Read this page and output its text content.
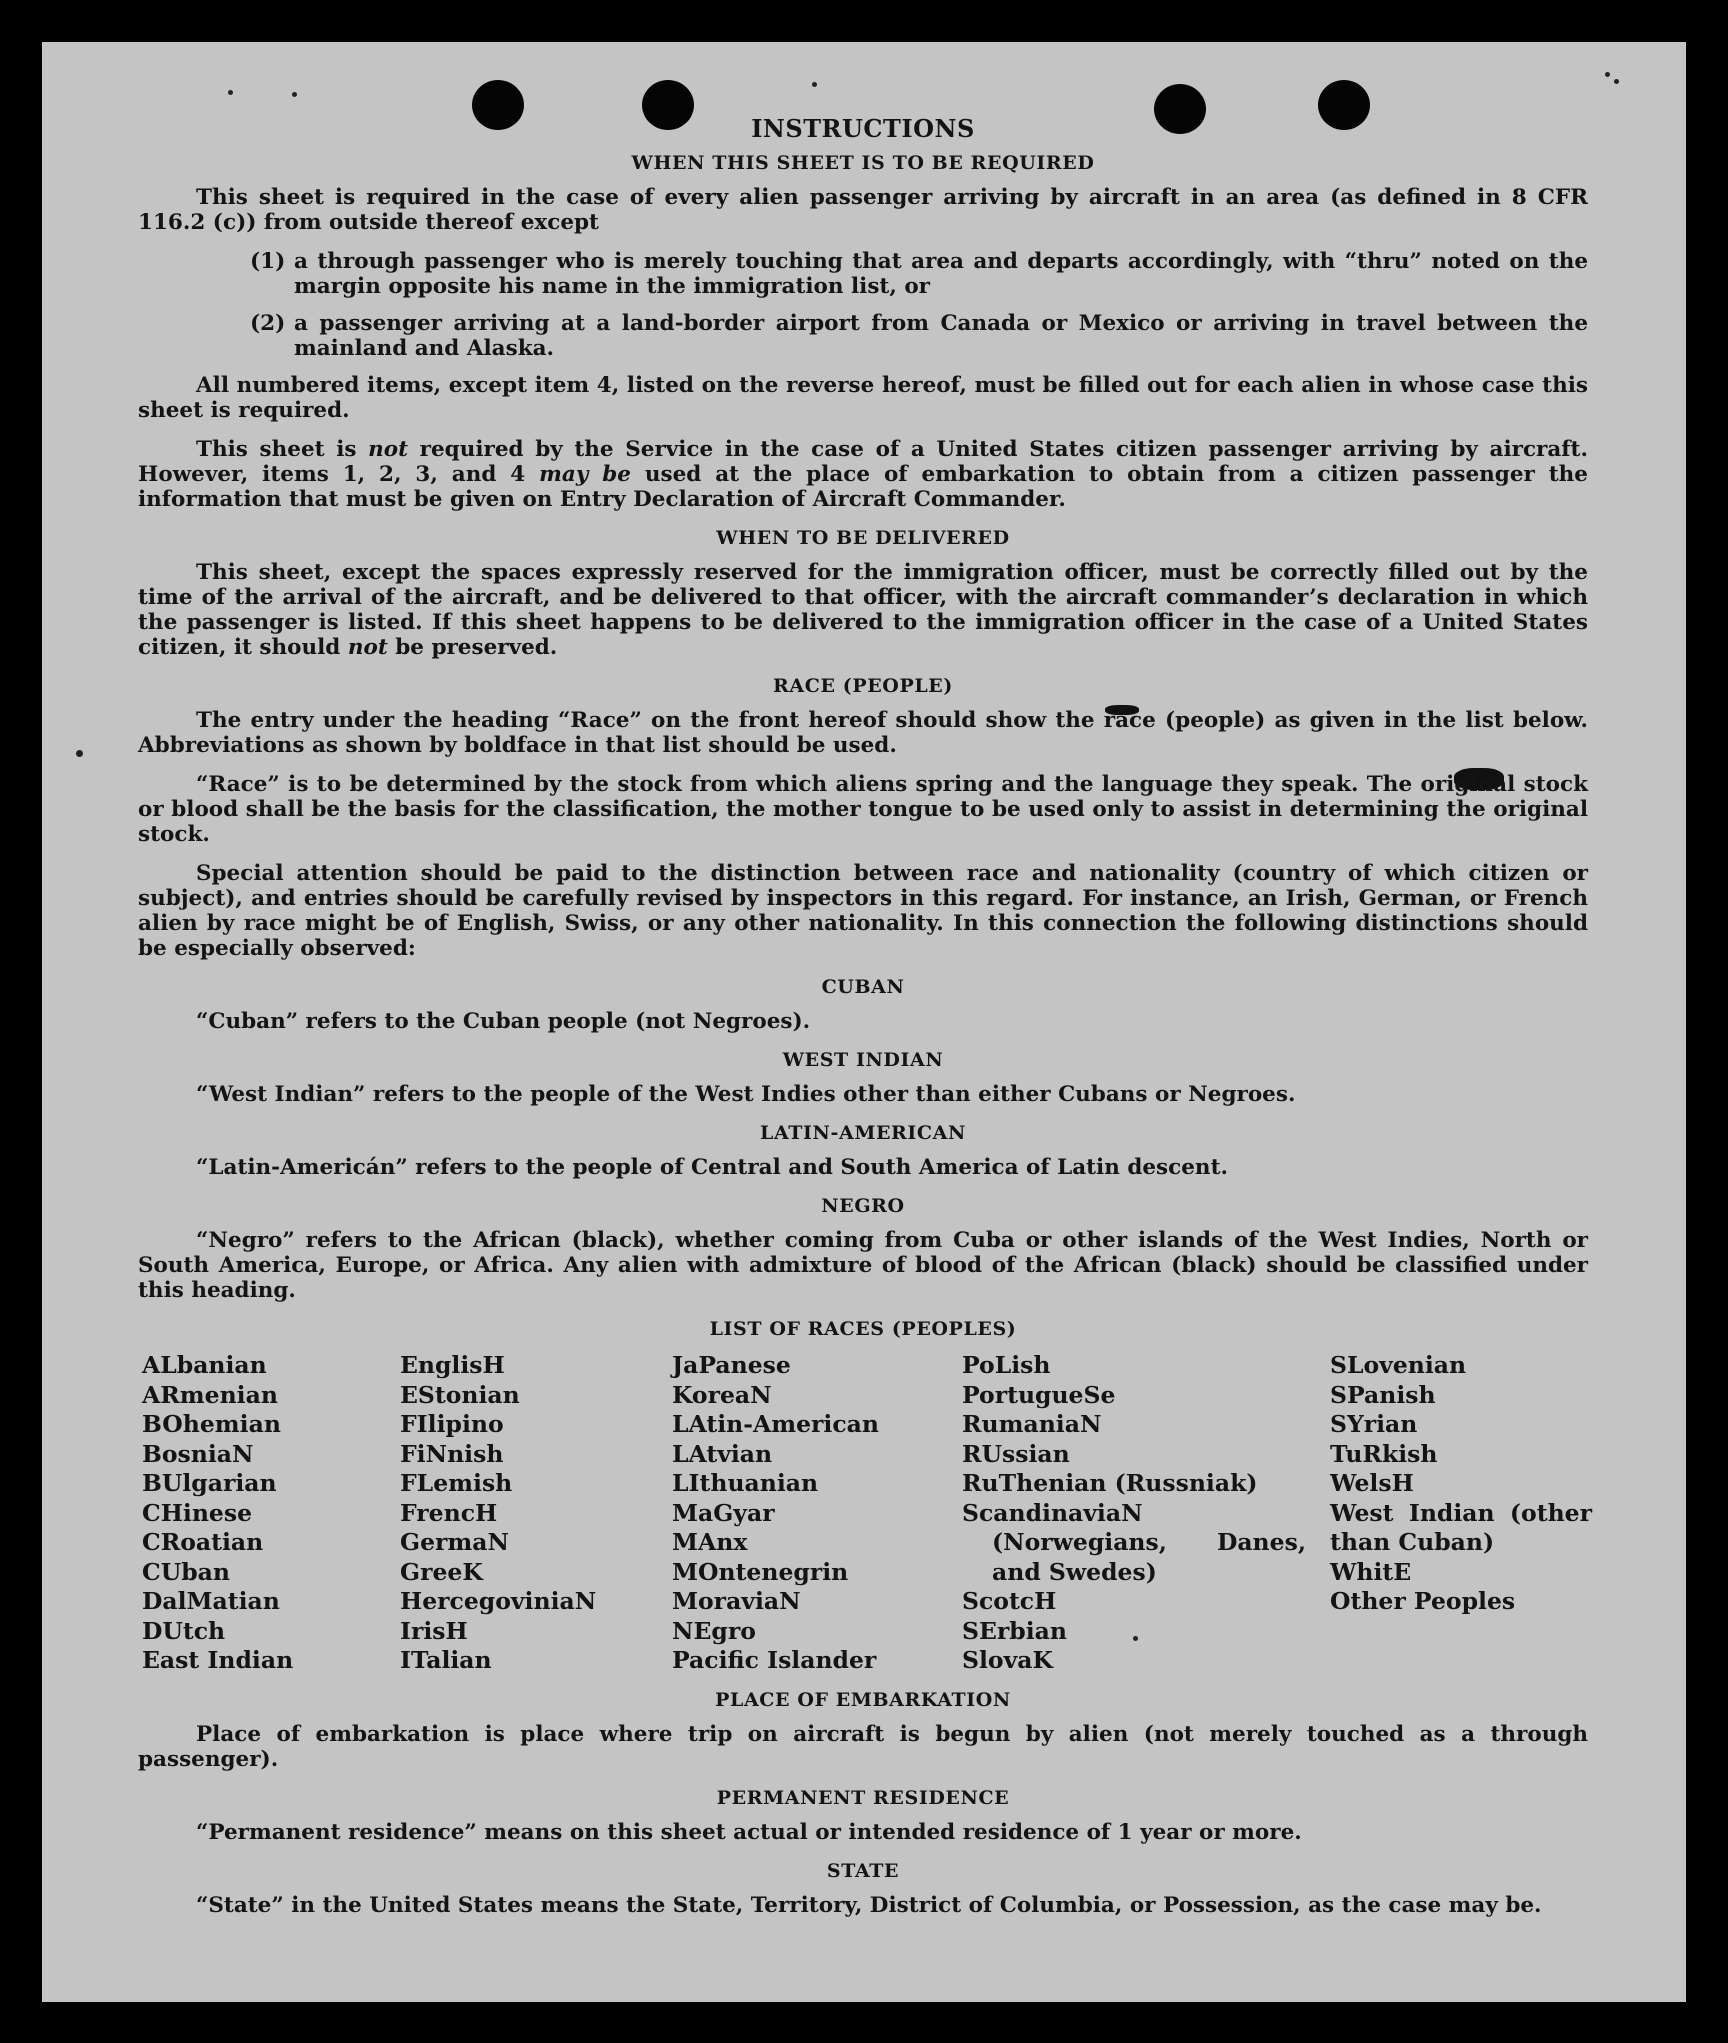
INSTRUCTIONS
WHEN THIS SHEET IS TO BE REQUIRED
This sheet is required in the case of every alien passenger arriving by aircraft in an area (as defined in 8 CFR 116.2 (c)) from outside thereof except
(1) a through passenger who is merely touching that area and departs accordingly, with “thru” noted on the margin opposite his name in the immigration list, or
(2) a passenger arriving at a land-border airport from Canada or Mexico or arriving in travel between the mainland and Alaska.
All numbered items, except item 4, listed on the reverse hereof, must be filled out for each alien in whose case this sheet is required.
This sheet is not required by the Service in the case of a United States citizen passenger arriving by aircraft. However, items 1, 2, 3, and 4 may be used at the place of embarkation to obtain from a citizen passenger the information that must be given on Entry Declaration of Aircraft Commander.
WHEN TO BE DELIVERED
This sheet, except the spaces expressly reserved for the immigration officer, must be correctly filled out by the time of the arrival of the aircraft, and be delivered to that officer, with the aircraft commander’s declaration in which the passenger is listed. If this sheet happens to be delivered to the immigration officer in the case of a United States citizen, it should not be preserved.
RACE (PEOPLE)
The entry under the heading “Race” on the front hereof should show the race (people) as given in the list below. Abbreviations as shown by boldface in that list should be used.
“Race” is to be determined by the stock from which aliens spring and the language they speak. The original stock or blood shall be the basis for the classification, the mother tongue to be used only to assist in determining the original stock.
Special attention should be paid to the distinction between race and nationality (country of which citizen or subject), and entries should be carefully revised by inspectors in this regard. For instance, an Irish, German, or French alien by race might be of English, Swiss, or any other nationality. In this connection the following distinctions should be especially observed:
CUBAN
“Cuban” refers to the Cuban people (not Negroes).
WEST INDIAN
“West Indian” refers to the people of the West Indies other than either Cubans or Negroes.
LATIN-AMERICAN
“Latin-Americán” refers to the people of Central and South America of Latin descent.
NEGRO
“Negro” refers to the African (black), whether coming from Cuba or other islands of the West Indies, North or South America, Europe, or Africa. Any alien with admixture of blood of the African (black) should be classified under this heading.
LIST OF RACES (PEOPLES)
ALbanian
ARmenian
BOhemian
BosniaN
BUlgarian
CHinese
CRoatian
CUban
DalMatian
DUtch
East Indian
EnglisH
EStonian
FIlipino
FiNnish
FLemish
FrencH
GermaN
GreeK
HercegoviniaN
IrisH
ITalian
JaPanese
KoreaN
LAtin-American
LAtvian
LIthuanian
MaGyar
MAnx
MOntenegrin
MoraviaN
NEgro
Pacific Islander
PoLish
PortugueSe
RumaniaN
RUssian
RuThenian (Russniak)
ScandinaviaN (Norwegians, Danes, and Swedes)
ScotcH
SErbian
SlovaK
SLovenian
SPanish
SYrian
TuRkish
WelsH
West Indian (other than Cuban)
WhitE
Other Peoples
PLACE OF EMBARKATION
Place of embarkation is place where trip on aircraft is begun by alien (not merely touched as a through passenger).
PERMANENT RESIDENCE
“Permanent residence” means on this sheet actual or intended residence of 1 year or more.
STATE
“State” in the United States means the State, Territory, District of Columbia, or Possession, as the case may be.
